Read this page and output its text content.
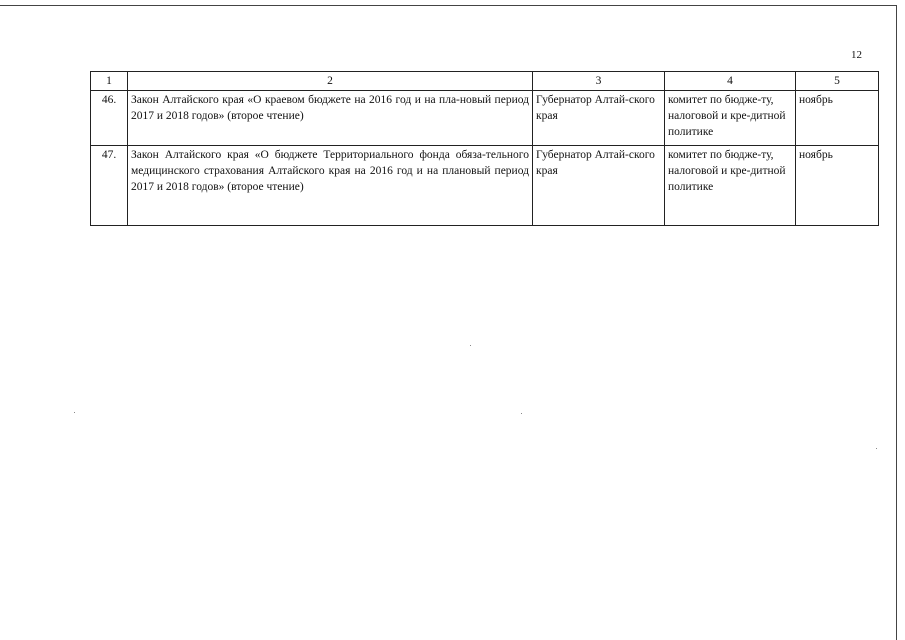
12
1	2	3	4	5
46.	Закон Алтайского края «О краевом бюджете на 2016 год и на пла-новый период 2017 и 2018 годов» (второе чтение)	Губернатор Алтай-ского края	комитет по бюдже-ту, налоговой и кре-дитной политике	ноябрь
47.	Закон Алтайского края «О бюджете Территориального фонда обяза-тельного медицинского страхования Алтайского края на 2016 год и на плановый период 2017 и 2018 годов» (второе чтение)	Губернатор Алтай-ского края	комитет по бюдже-ту, налоговой и кре-дитной политике	ноябрь
